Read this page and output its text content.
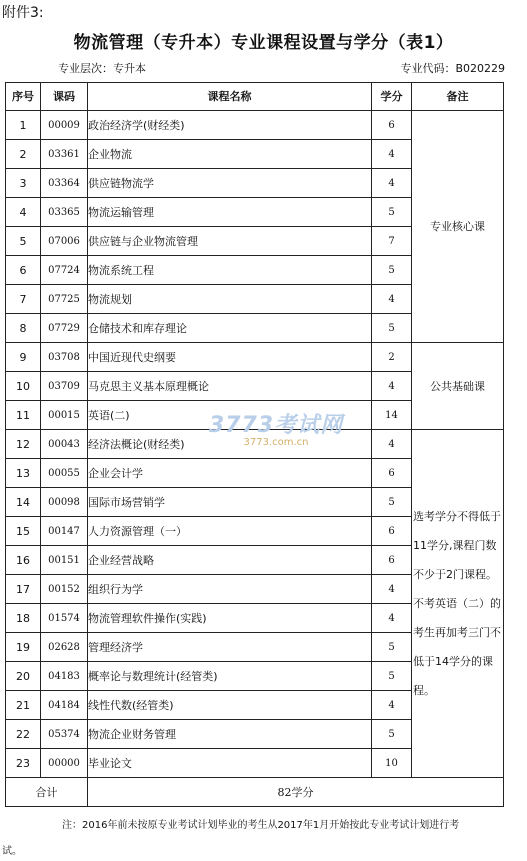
附件3:
物流管理（专升本）专业课程设置与学分（表1）
专业层次：专升本	专业代码：B020229
序号	课码	课程名称	学分	备注
1	00009	政治经济学(财经类)	6	专业核心课
2	03361	企业物流	4	
3	03364	供应链物流学	4	
4	03365	物流运输管理	5	
5	07006	供应链与企业物流管理	7	
6	07724	物流系统工程	5	
7	07725	物流规划	4	
8	07729	仓储技术和库存理论	5	
9	03708	中国近现代史纲要	2	公共基础课
10	03709	马克思主义基本原理概论	4	
11	00015	英语(二)	14	
12	00043	经济法概论(财经类)	4	选考学分不得低于11学分,课程门数不少于2门课程。不考英语（二）的考生再加考三门不低于14学分的课程。
13	00055	企业会计学	6	
14	00098	国际市场营销学	5	
15	00147	人力资源管理（一）	6	
16	00151	企业经营战略	6	
17	00152	组织行为学	4	
18	01574	物流管理软件操作(实践)	4	
19	02628	管理经济学	5	
20	04183	概率论与数理统计(经管类)	5	
21	04184	线性代数(经管类)	4	
22	05374	物流企业财务管理	5	
23	00000	毕业论文	10	
合计		82学分		
3773考试网
3773.com.cn
注：2016年前未按原专业考试计划毕业的考生从2017年1月开始按此专业考试计划进行考
试。
